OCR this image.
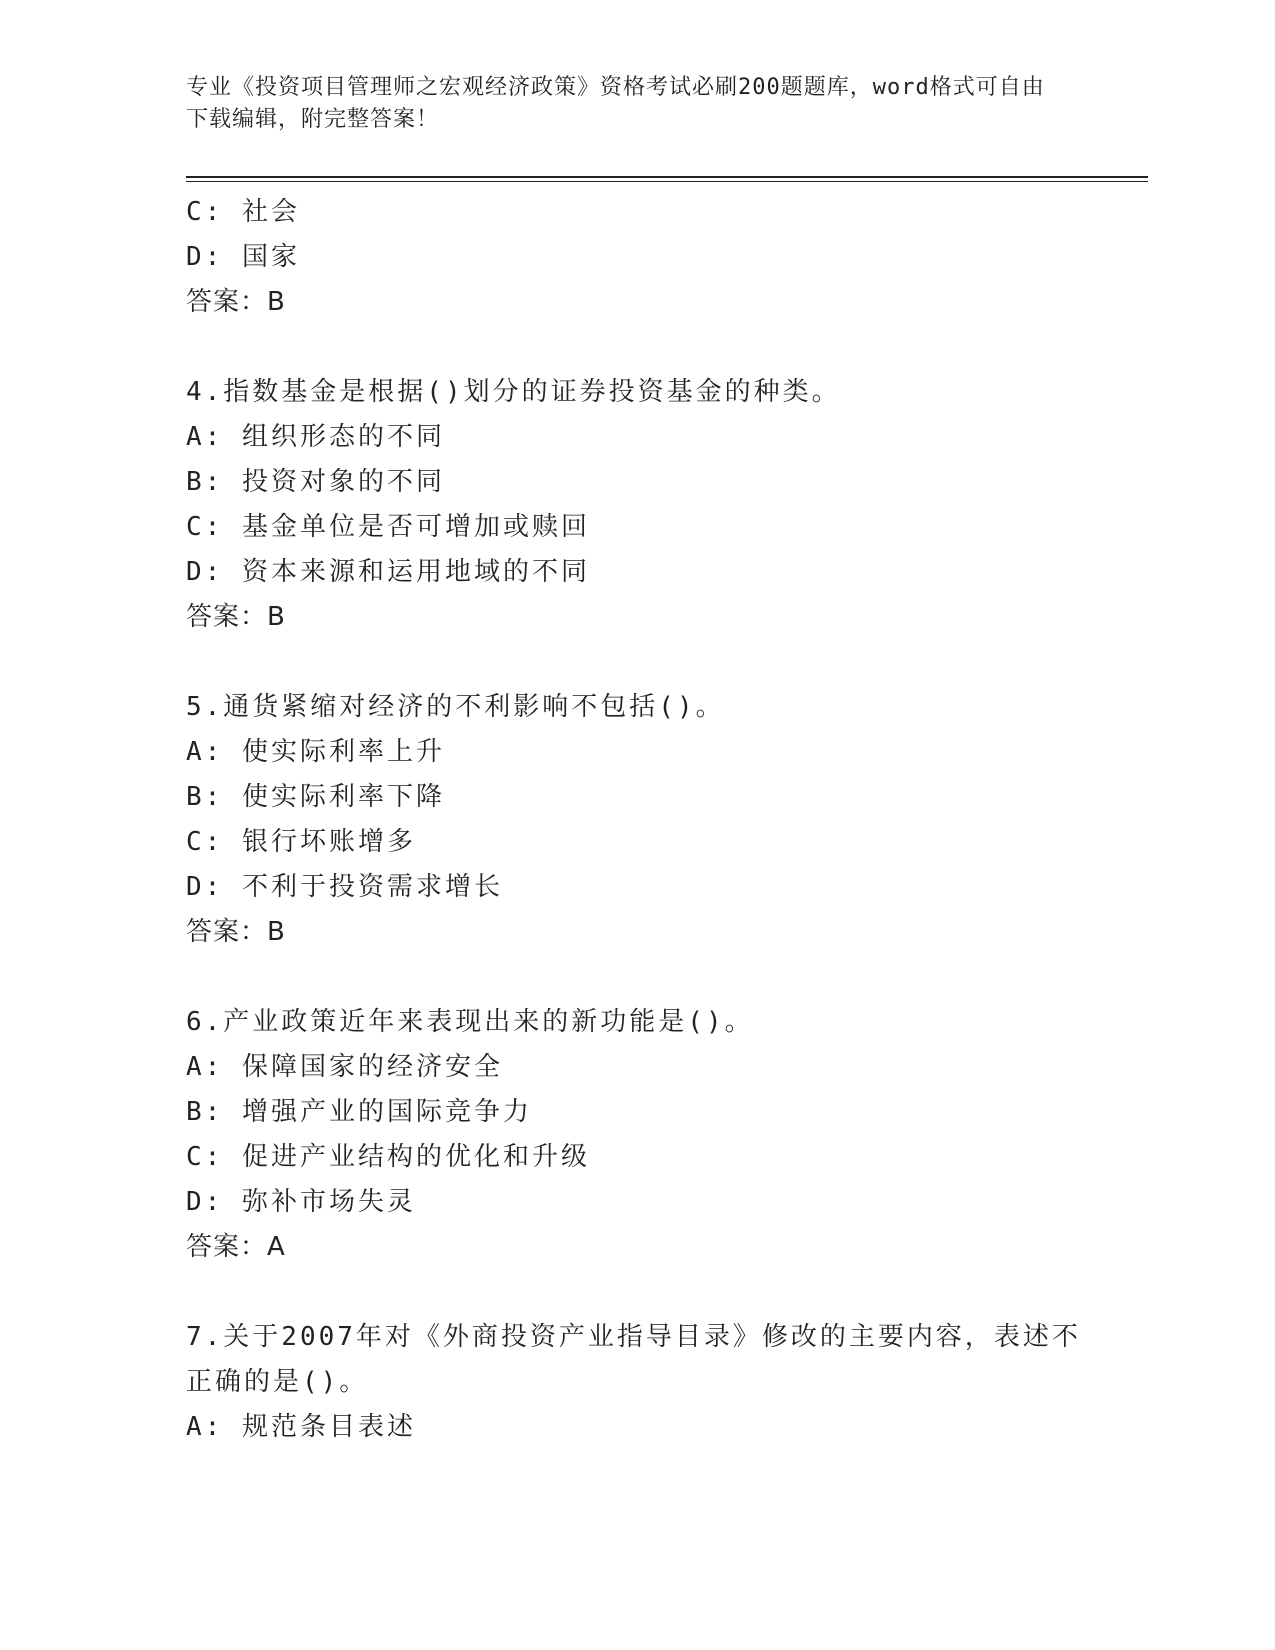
专业《投资项目管理师之宏观经济政策》资格考试必刷200题题库，word格式可自由下载编辑，附完整答案！
C: 社会
D: 国家
答案：B
4.指数基金是根据()划分的证券投资基金的种类。
A: 组织形态的不同
B: 投资对象的不同
C: 基金单位是否可增加或赎回
D: 资本来源和运用地域的不同
答案：B
5.通货紧缩对经济的不利影响不包括()。
A: 使实际利率上升
B: 使实际利率下降
C: 银行坏账增多
D: 不利于投资需求增长
答案：B
6.产业政策近年来表现出来的新功能是()。
A: 保障国家的经济安全
B: 增强产业的国际竞争力
C: 促进产业结构的优化和升级
D: 弥补市场失灵
答案：A
7.关于2007年对《外商投资产业指导目录》修改的主要内容，表述不
正确的是()。
A: 规范条目表述
